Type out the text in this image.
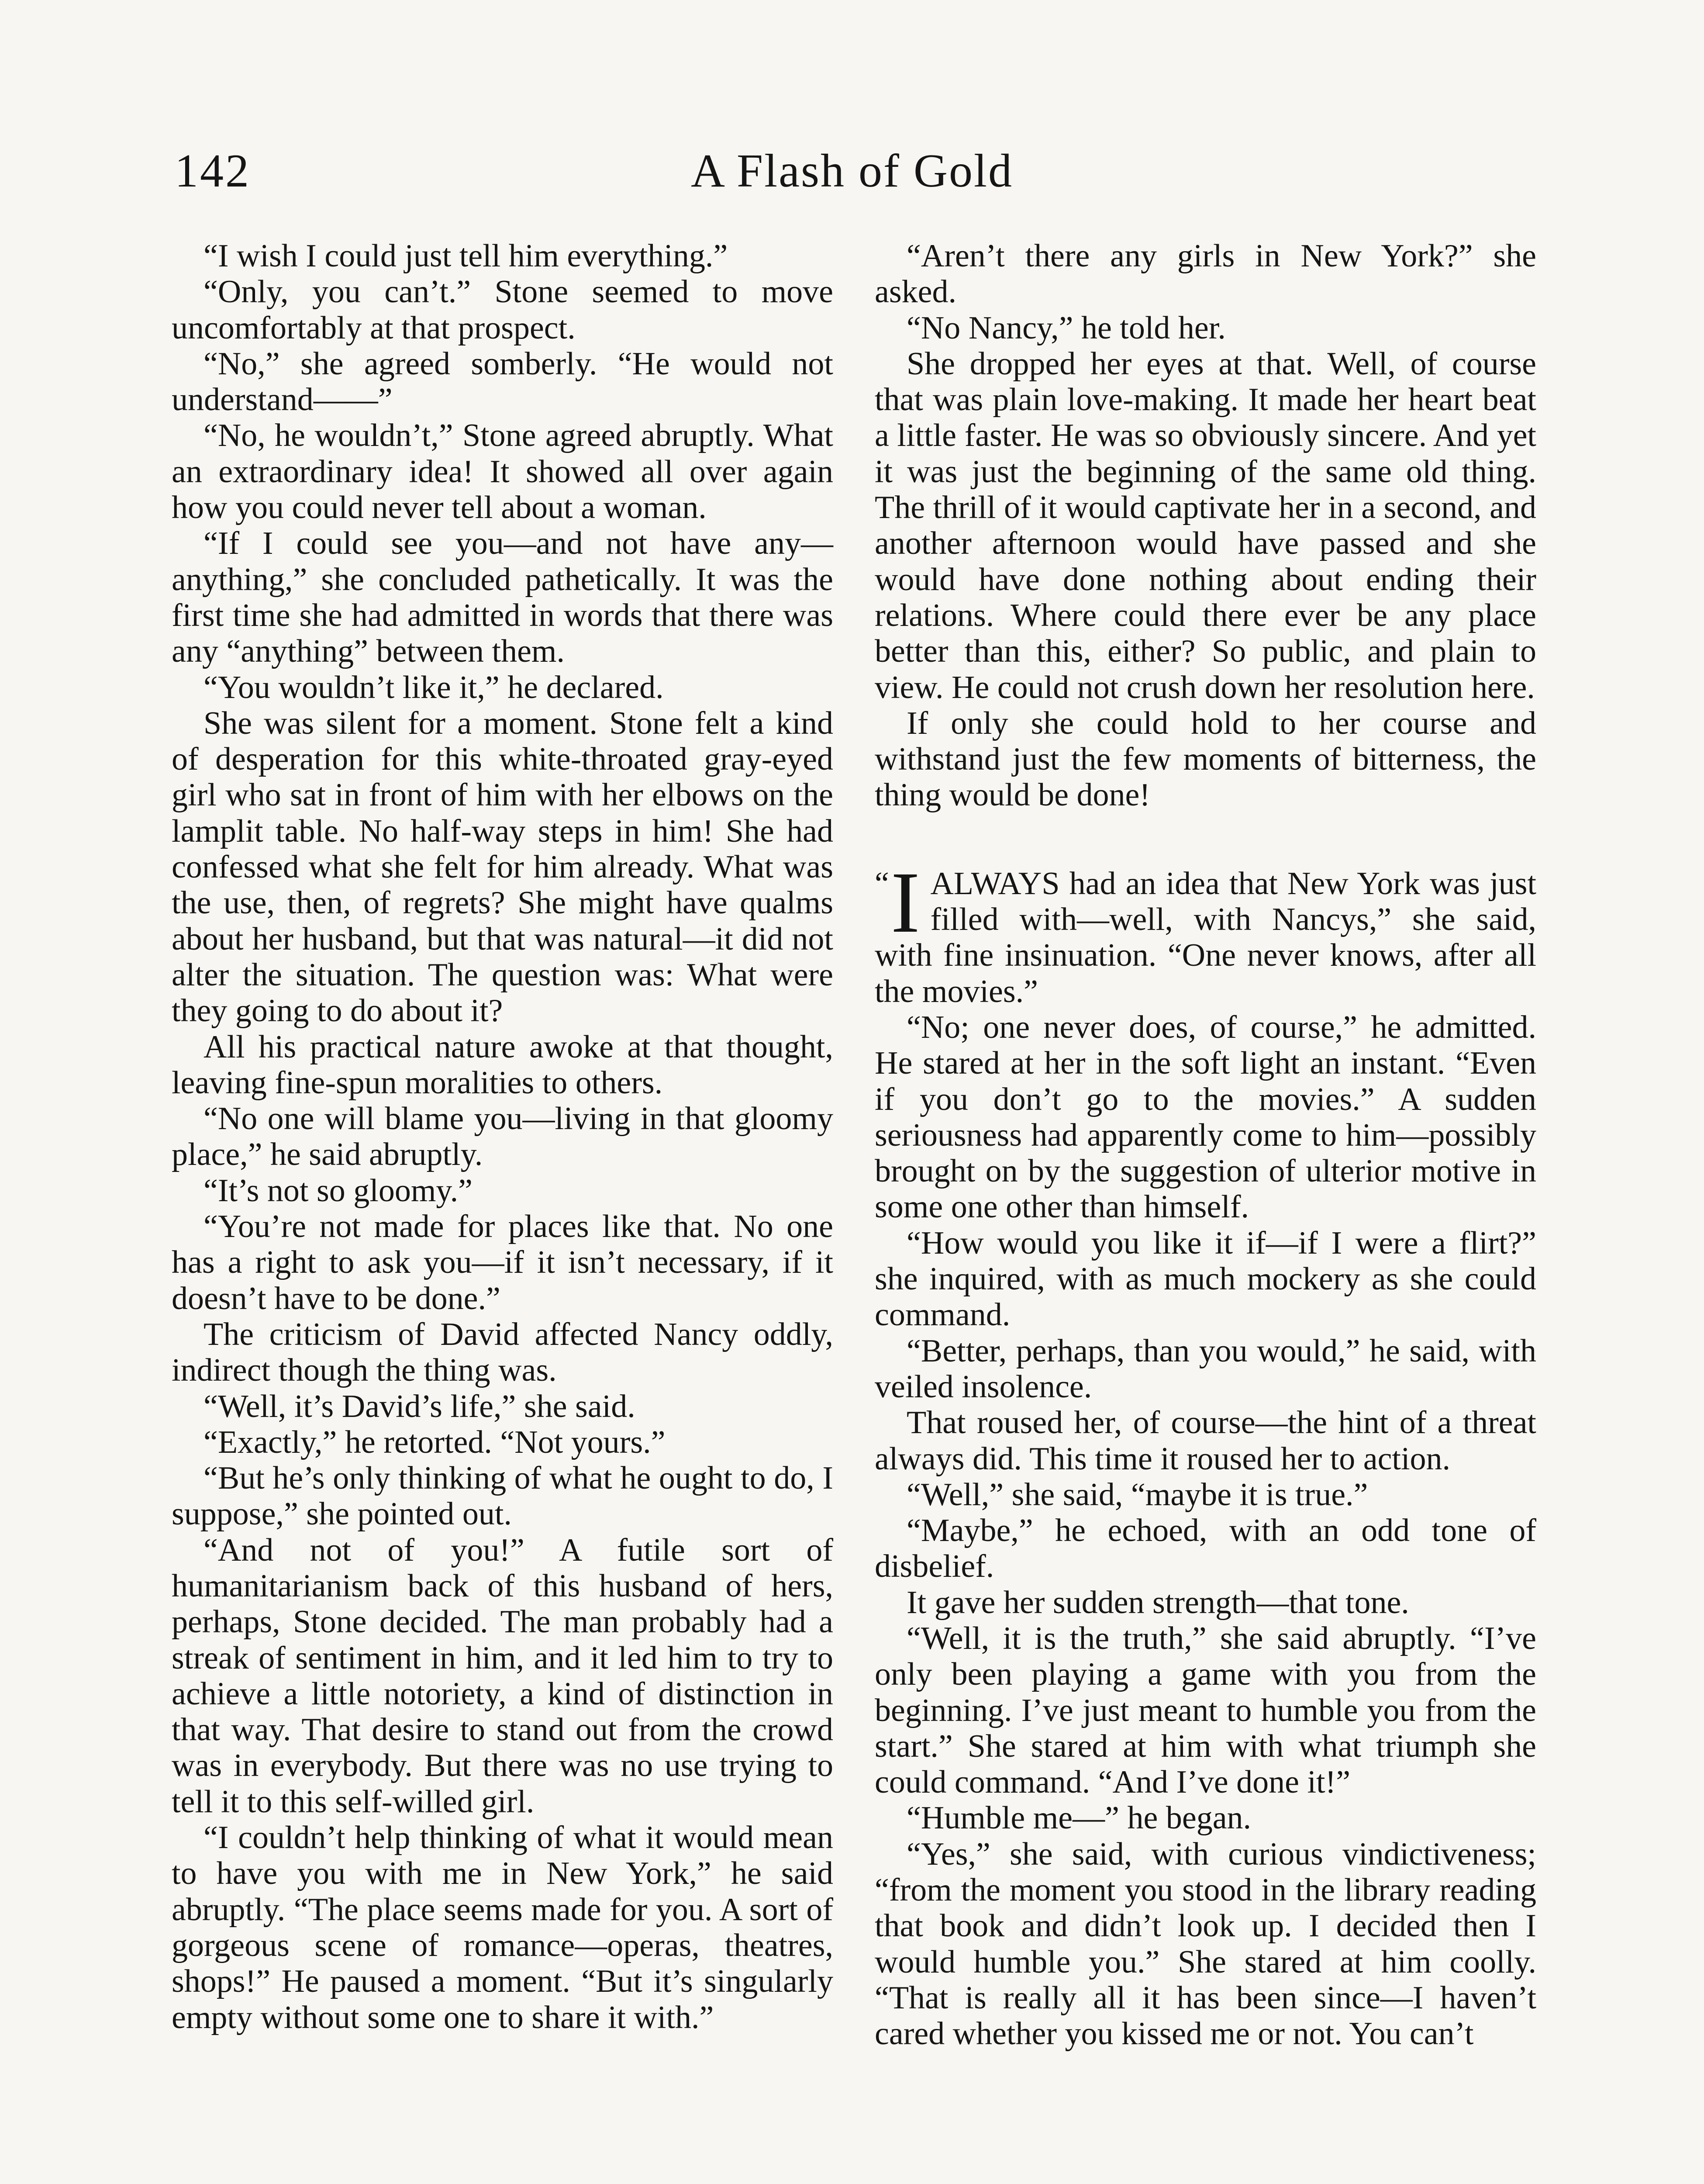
142	A Flash of Gold

“I wish I could just tell him everything.”

“Only, you can’t.” Stone seemed to move uncomfortably at that prospect.

“No,” she agreed somberly. “He would not understand——”

“No, he wouldn’t,” Stone agreed abruptly. What an extraordinary idea! It showed all over again how you could never tell about a woman.

“If I could see you—and not have any—anything,” she concluded pathetically. It was the first time she had admitted in words that there was any “anything” between them.

“You wouldn’t like it,” he declared.

She was silent for a moment. Stone felt a kind of desperation for this white-throated gray-eyed girl who sat in front of him with her elbows on the lamplit table. No half-way steps in him! She had confessed what she felt for him already. What was the use, then, of regrets? She might have qualms about her husband, but that was natural—it did not alter the situation. The question was: What were they going to do about it?

All his practical nature awoke at that thought, leaving fine-spun moralities to others.

“No one will blame you—living in that gloomy place,” he said abruptly.

“It’s not so gloomy.”

“You’re not made for places like that. No one has a right to ask you—if it isn’t necessary, if it doesn’t have to be done.”

The criticism of David affected Nancy oddly, indirect though the thing was.

“Well, it’s David’s life,” she said.

“Exactly,” he retorted. “Not yours.”

“But he’s only thinking of what he ought to do, I suppose,” she pointed out.

“And not of you!” A futile sort of humanitarianism back of this husband of hers, perhaps, Stone decided. The man probably had a streak of sentiment in him, and it led him to try to achieve a little notoriety, a kind of distinction in that way. That desire to stand out from the crowd was in everybody. But there was no use trying to tell it to this self-willed girl.

“I couldn’t help thinking of what it would mean to have you with me in New York,” he said abruptly. “The place seems made for you. A sort of gorgeous scene of romance—operas, theatres, shops!” He paused a moment. “But it’s singularly empty without some one to share it with.”

“Aren’t there any girls in New York?” she asked.

“No Nancy,” he told her.

She dropped her eyes at that. Well, of course that was plain love-making. It made her heart beat a little faster. He was so obviously sincere. And yet it was just the beginning of the same old thing. The thrill of it would captivate her in a second, and another afternoon would have passed and she would have done nothing about ending their relations. Where could there ever be any place better than this, either? So public, and plain to view. He could not crush down her resolution here.

If only she could hold to her course and withstand just the few moments of bitterness, the thing would be done!

“ I ALWAYS had an idea that New York was just filled with—well, with Nancys,” she said, with fine insinuation. “One never knows, after all the movies.”

“No; one never does, of course,” he admitted. He stared at her in the soft light an instant. “Even if you don’t go to the movies.” A sudden seriousness had apparently come to him—possibly brought on by the suggestion of ulterior motive in some one other than himself.

“How would you like it if—if I were a flirt?” she inquired, with as much mockery as she could command.

“Better, perhaps, than you would,” he said, with veiled insolence.

That roused her, of course—the hint of a threat always did. This time it roused her to action.

“Well,” she said, “maybe it is true.”

“Maybe,” he echoed, with an odd tone of disbelief.

It gave her sudden strength—that tone.

“Well, it is the truth,” she said abruptly. “I’ve only been playing a game with you from the beginning. I’ve just meant to humble you from the start.” She stared at him with what triumph she could command. “And I’ve done it!”

“Humble me—” he began.

“Yes,” she said, with curious vindictiveness; “from the moment you stood in the library reading that book and didn’t look up. I decided then I would humble you.” She stared at him coolly. “That is really all it has been since—I haven’t cared whether you kissed me or not. You can’t
